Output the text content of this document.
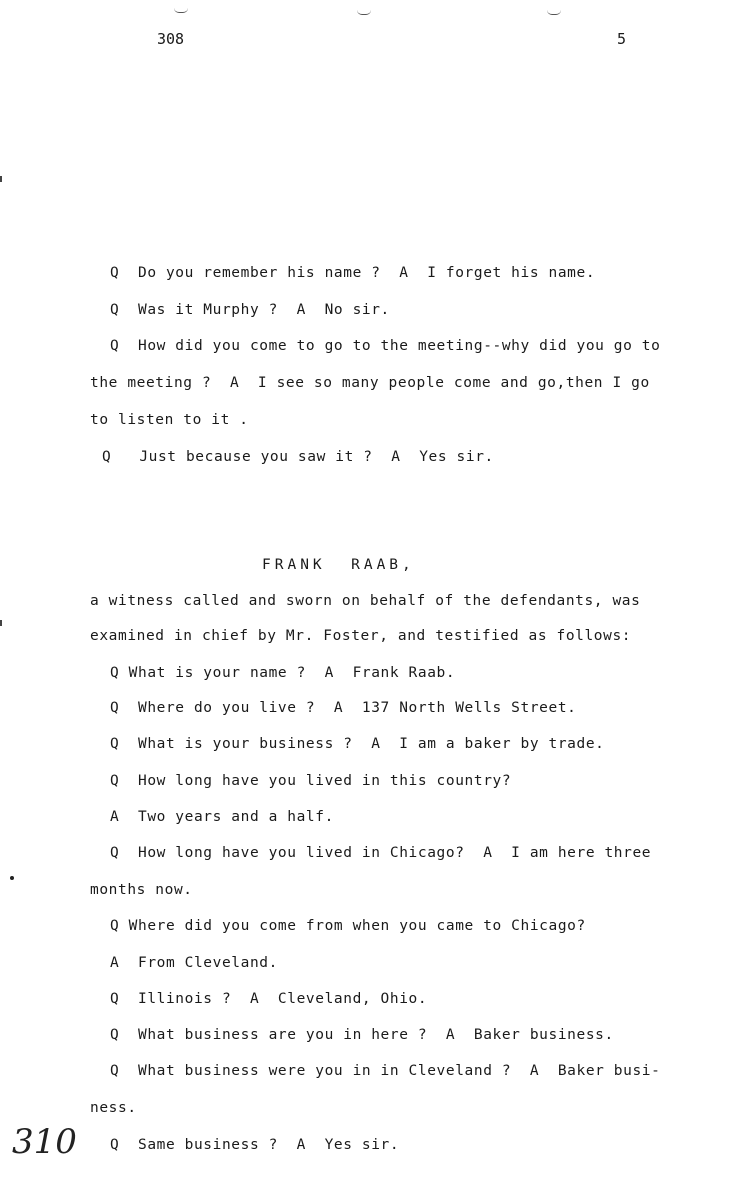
308	5
Q  Do you remember his name ?  A  I forget his name.
Q  Was it Murphy ?  A  No sir.
Q  How did you come to go to the meeting--why did you go to
the meeting ?  A  I see so many people come and go,then I go
to listen to it .
Q   Just because you saw it ?  A  Yes sir.
FRANK  RAAB,
a witness called and sworn on behalf of the defendants, was
examined in chief by Mr. Foster, and testified as follows:
Q What is your name ?  A  Frank Raab.
Q  Where do you live ?  A  137 North Wells Street.
Q  What is your business ?  A  I am a baker by trade.
Q  How long have you lived in this country?
A  Two years and a half.
Q  How long have you lived in Chicago?  A  I am here three
months now.
Q Where did you come from when you came to Chicago?
A  From Cleveland.
Q  Illinois ?  A  Cleveland, Ohio.
Q  What business are you in here ?  A  Baker business.
Q  What business were you in in Cleveland ?  A  Baker busi-
ness.
Q  Same business ?  A  Yes sir.
310
